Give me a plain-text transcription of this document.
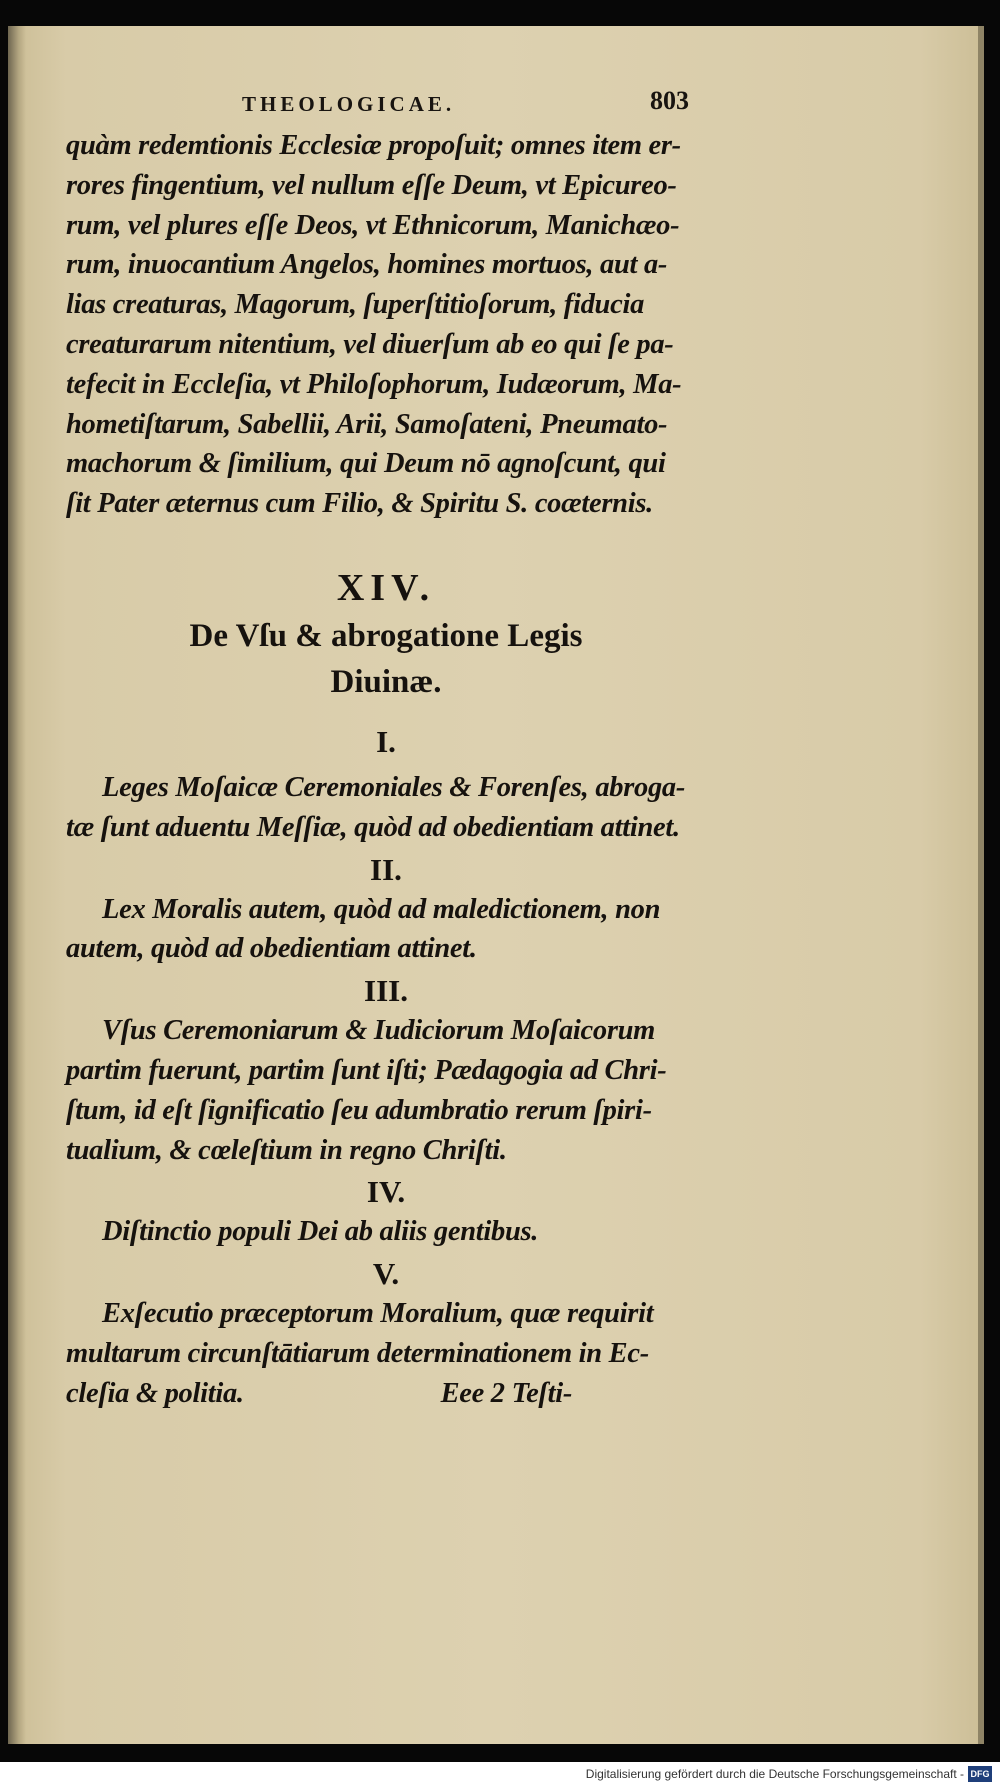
THEOLOGICAE.	803

quàm redemtionis Ecclesiæ propoſuit; omnes item er-
rores fingentium, vel nullum eſſe Deum, vt Epicureo-
rum, vel plures eſſe Deos, vt Ethnicorum, Manichæo-
rum, inuocantium Angelos, homines mortuos, aut a-
lias creaturas, Magorum, ſuperſtitioſorum, fiducia
creaturarum nitentium, vel diuerſum ab eo qui ſe pa-
tefecit in Eccleſia, vt Philoſophorum, Iudæorum, Ma-
hometiſtarum, Sabellii, Arii, Samoſateni, Pneumato-
machorum & ſimilium, qui Deum nō agnoſcunt, qui
ſit Pater æternus cum Filio, & Spiritu S. coæternis.

XIV.
De Vſu & abrogatione Legis
Diuinæ.
I.

Leges Moſaicæ Ceremoniales & Forenſes, abroga-
tæ ſunt aduentu Meſſiæ, quòd ad obedientiam attinet.

II.

Lex Moralis autem, quòd ad maledictionem, non
autem, quòd ad obedientiam attinet.

III.

Vſus Ceremoniarum & Iudiciorum Moſaicorum
partim fuerunt, partim ſunt iſti; Pædagogia ad Chri-
ſtum, id eſt ſignificatio ſeu adumbratio rerum ſpiri-
tualium, & cœleſtium in regno Chriſti.

IV.

Diſtinctio populi Dei ab aliis gentibus.

V.

Exſecutio præceptorum Moralium, quæ requirit
multarum circunſtātiarum determinationem in Ec-
cleſia & politia.	Eee 2 Teſti-

Digitalisierung gefördert durch die Deutsche Forschungsgemeinschaft - DFG
